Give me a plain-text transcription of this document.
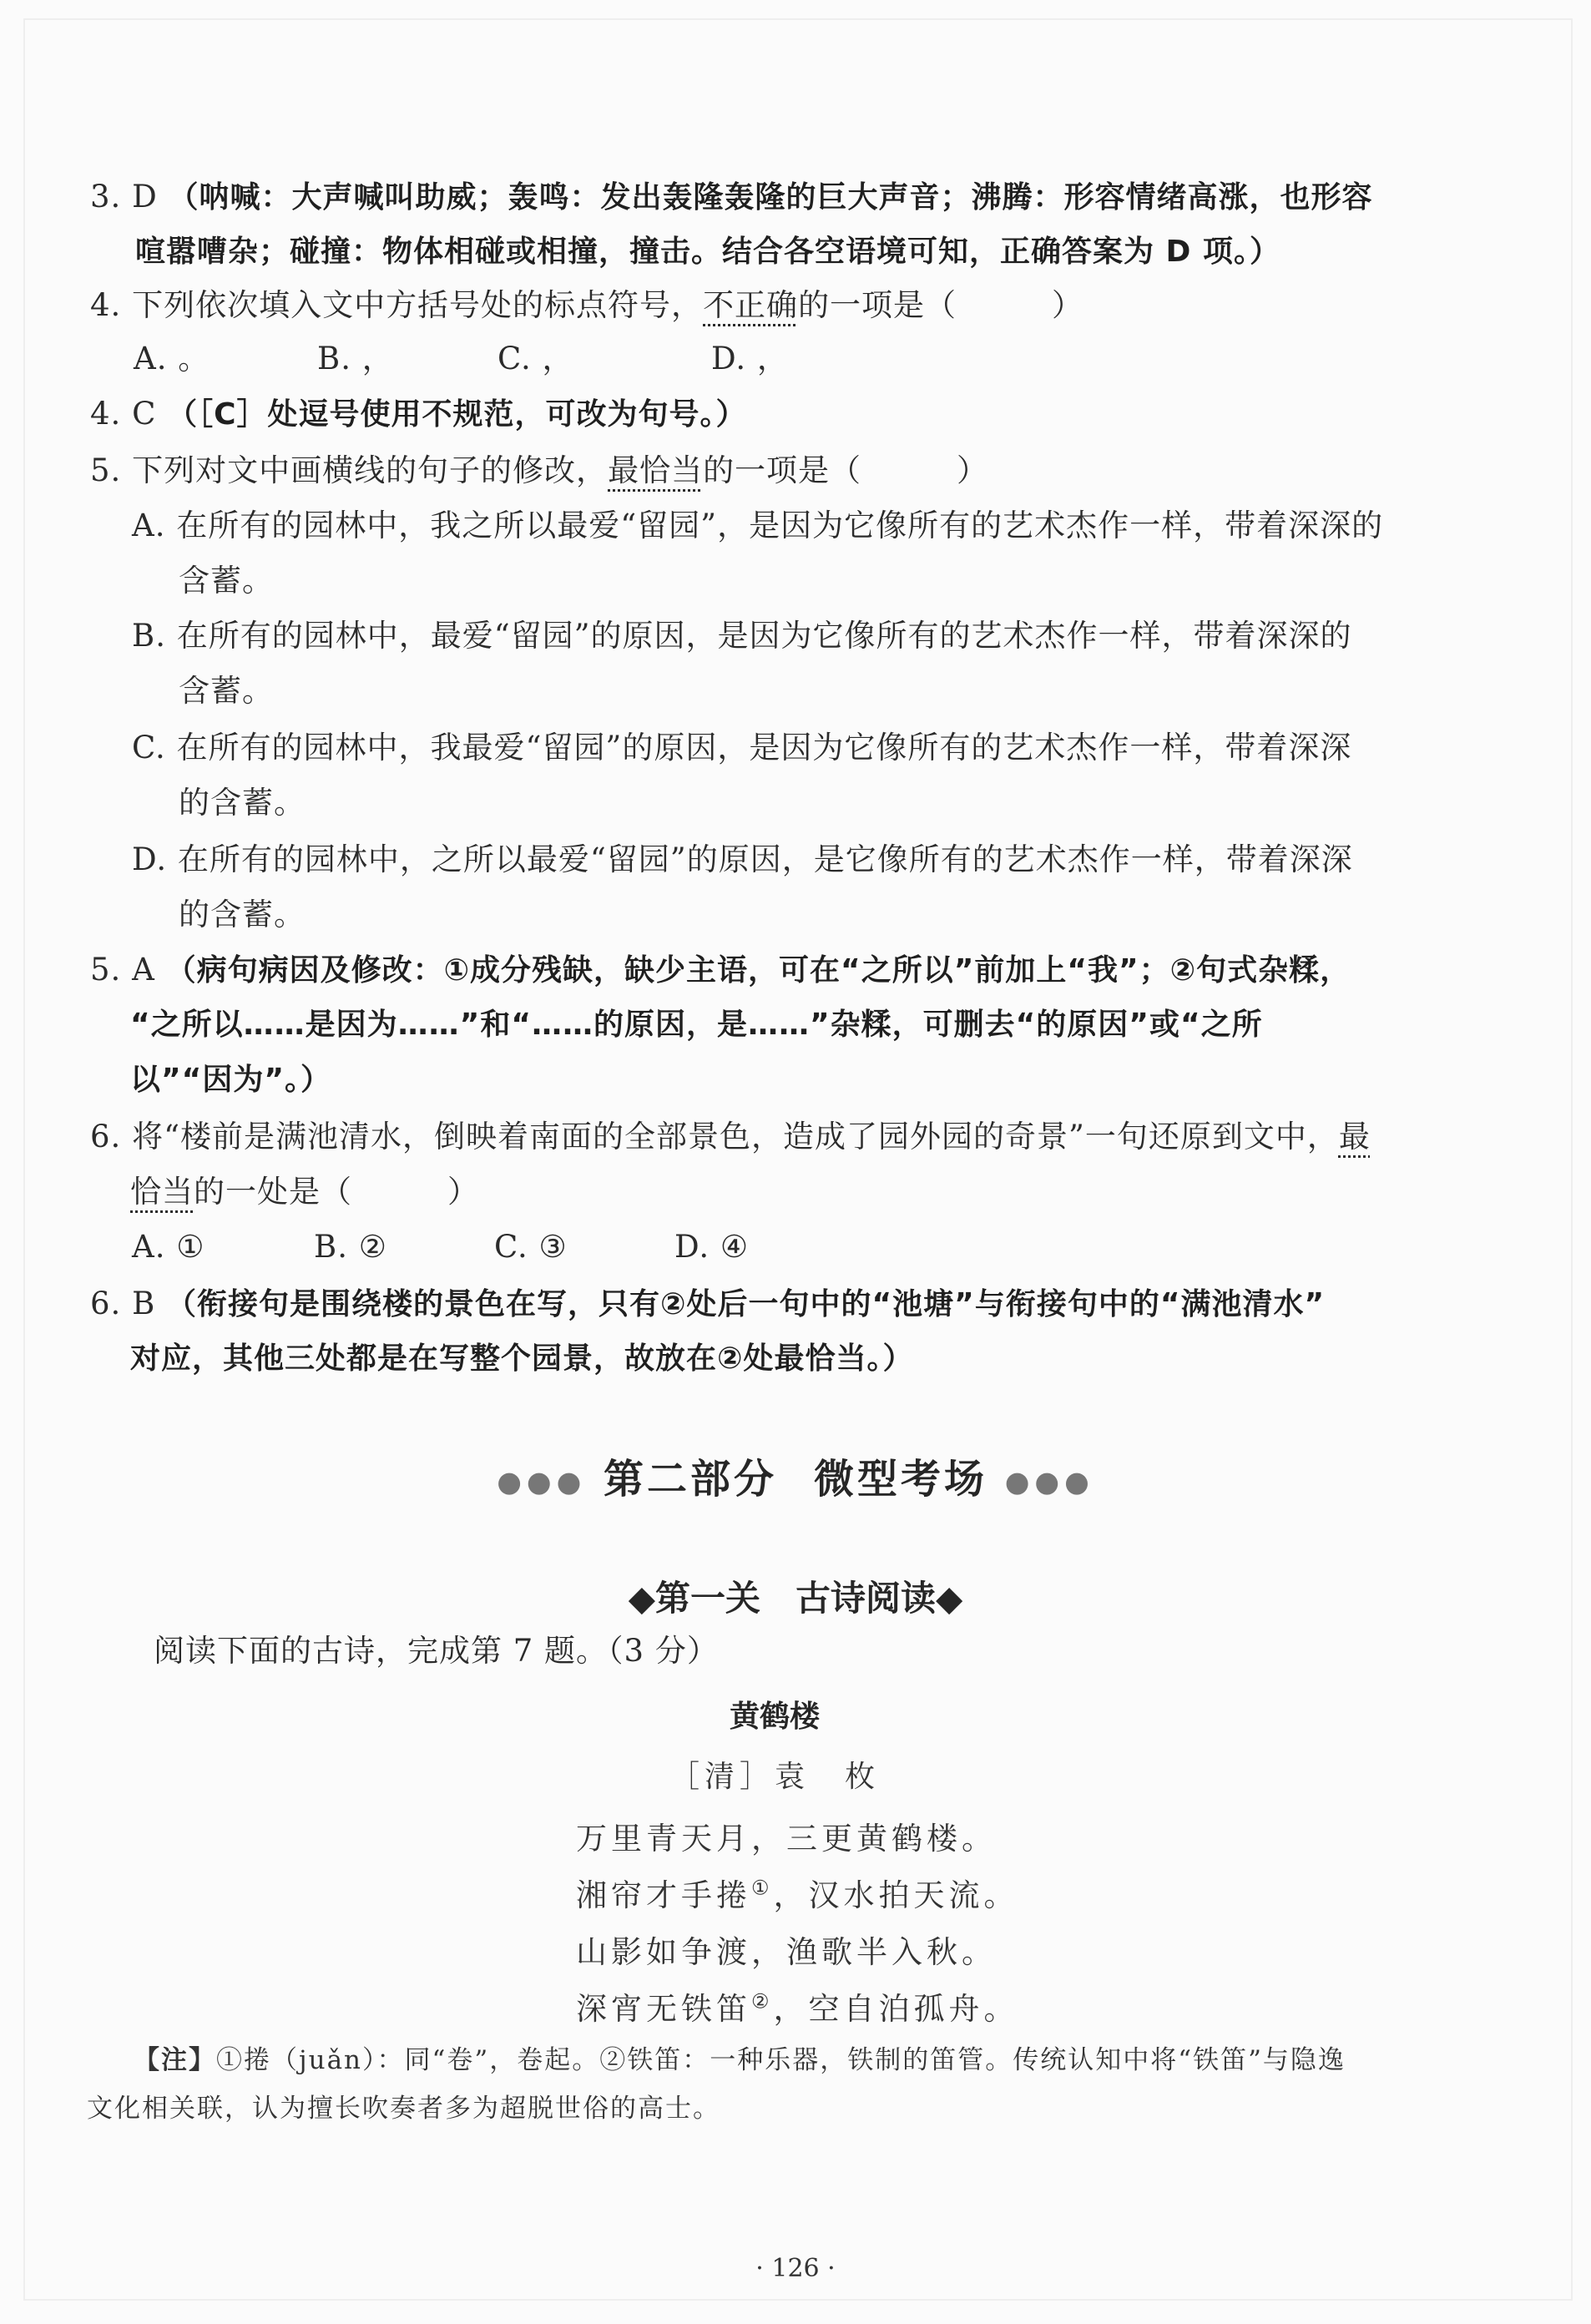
3. D （呐喊：大声喊叫助威；轰鸣：发出轰隆轰隆的巨大声音；沸腾：形容情绪高涨，也形容
喧嚣嘈杂；碰撞：物体相碰或相撞，撞击。结合各空语境可知，正确答案为 D 项。）
4. 下列依次填入文中方括号处的标点符号，不正确的一项是（　　　）
A. 。	B. ，	C. ，	D. ，
4. C （［C］处逗号使用不规范，可改为句号。）
5. 下列对文中画横线的句子的修改，最恰当的一项是（　　　）
A. 在所有的园林中，我之所以最爱“留园”，是因为它像所有的艺术杰作一样，带着深深的
含蓄。
B. 在所有的园林中，最爱“留园”的原因，是因为它像所有的艺术杰作一样，带着深深的
含蓄。
C. 在所有的园林中，我最爱“留园”的原因，是因为它像所有的艺术杰作一样，带着深深
的含蓄。
D. 在所有的园林中，之所以最爱“留园”的原因，是它像所有的艺术杰作一样，带着深深
的含蓄。
5. A （病句病因及修改：①成分残缺，缺少主语，可在“之所以”前加上“我”；②句式杂糅，
“之所以……是因为……”和“……的原因，是……”杂糅，可删去“的原因”或“之所
以”“因为”。）
6. 将“楼前是满池清水，倒映着南面的全部景色，造成了园外园的奇景”一句还原到文中，最
恰当的一处是（　　　）
A. ①	B. ②	C. ③	D. ④
6. B （衔接句是围绕楼的景色在写，只有②处后一句中的“池塘”与衔接句中的“满池清水”
对应，其他三处都是在写整个园景，故放在②处最恰当。）
●●● 第二部分 微型考场 ●●●
◆第一关　古诗阅读◆
阅读下面的古诗，完成第 7 题。（3 分）
黄鹤楼
［清］袁　枚
万里青天月，三更黄鹤楼。
湘帘才手捲①，汉水拍天流。
山影如争渡，渔歌半入秋。
深宵无铁笛②，空自泊孤舟。
【注】①捲（juǎn）：同“卷”，卷起。②铁笛：一种乐器，铁制的笛管。传统认知中将“铁笛”与隐逸
文化相关联，认为擅长吹奏者多为超脱世俗的高士。
· 126 ·
